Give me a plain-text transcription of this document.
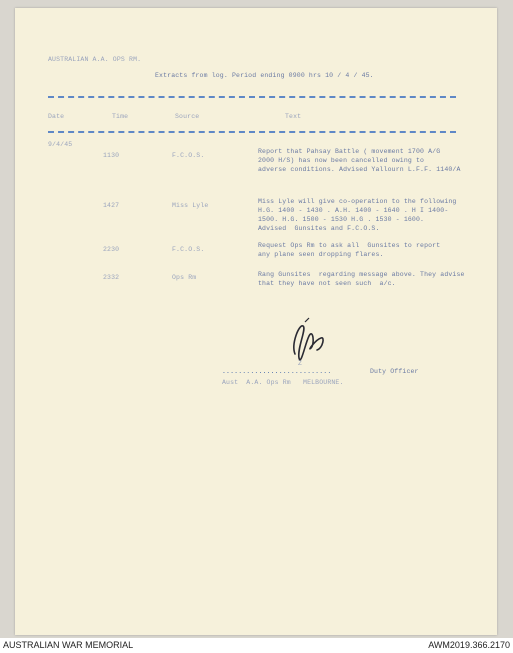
AUSTRALIAN A.A. OPS RM.
Extracts from log. Period ending 0900 hrs 10 / 4 / 45.
Date	Time	Source	Text
9/4/45
1130	F.C.O.S.
Report that Pahsay Battle ( movement 1700 A/G
2000 H/S) has now been cancelled owing to
adverse conditions. Advised Yallourn L.F.F. 1140/A
1427	Miss Lyle
Miss Lyle will give co-operation to the following
H.G. 1400 - 1430 . A.H. 1400 - 1640 . H I 1400-
1500. H.G. 1500 - 1530 H.G . 1530 - 1600.
Advised  Gunsites and F.C.O.S.
2230	F.C.O.S.
Request Ops Rm to ask all  Gunsites to report
any plane seen dropping flares.
2332	Ops Rm	Rang Gunsites  regarding message above. They advise
that they have not seen such  a/c.
Z
...........................	Duty Officer
Aust  A.A. Ops Rm   MELBOURNE.
AUSTRALIAN WAR MEMORIAL	AWM2019.366.2170
